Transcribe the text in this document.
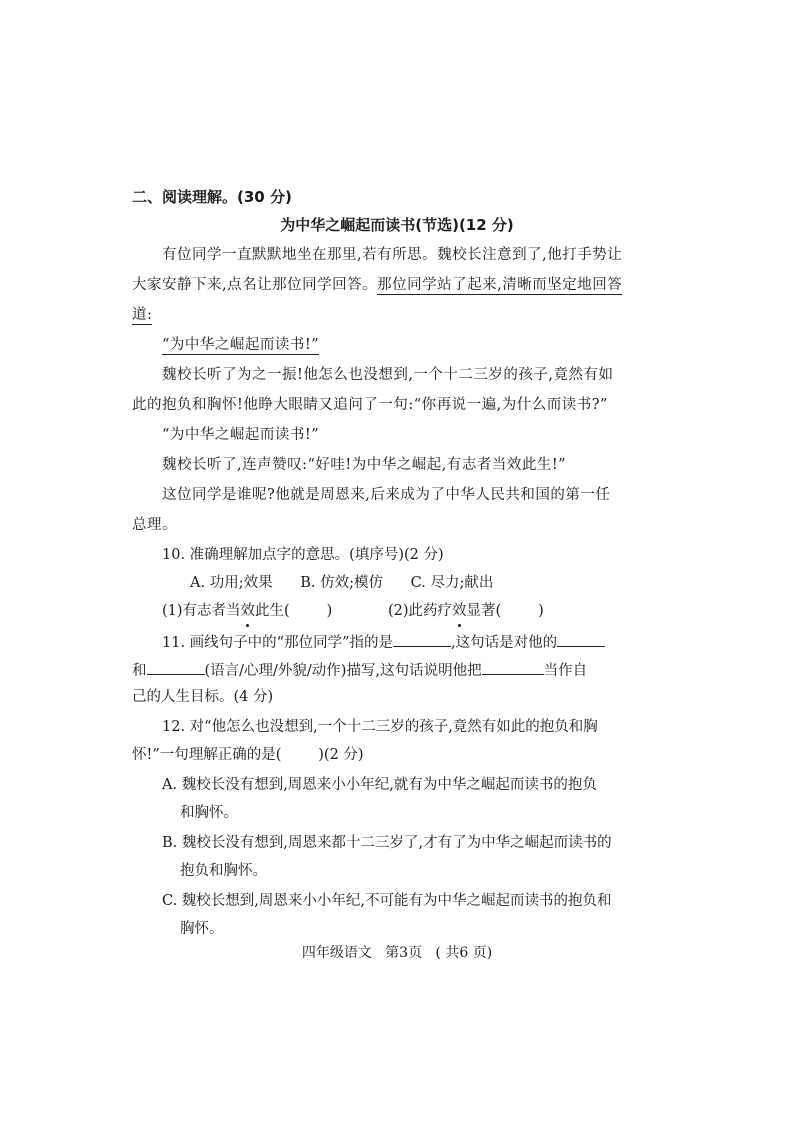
二、阅读理解。(30 分)
为中华之崛起而读书(节选)(12 分)
有位同学一直默默地坐在那里,若有所思。魏校长注意到了,他打手势让
大家安静下来,点名让那位同学回答。那位同学站了起来,清晰而坚定地回答
道:
“为中华之崛起而读书!”
魏校长听了为之一振!他怎么也没想到,一个十二三岁的孩子,竟然有如
此的抱负和胸怀!他睁大眼睛又追问了一句:“你再说一遍,为什么而读书?”
“为中华之崛起而读书!”
魏校长听了,连声赞叹:“好哇!为中华之崛起,有志者当效此生!”
这位同学是谁呢?他就是周恩来,后来成为了中华人民共和国的第一任
总理。
10. 准确理解加点字的意思。(填序号)(2 分)
A. 功用;效果      B. 仿效;模仿      C. 尽力;献出
(1)有志者当效此生(        )	(2)此药疗效显著(        )
11. 画线句子中的“那位同学”指的是	,这句话是对他的
和	(语言/心理/外貌/动作)描写,这句话说明他把	当作自
己的人生目标。(4 分)
12. 对“他怎么也没想到,一个十二三岁的孩子,竟然有如此的抱负和胸
怀!”一句理解正确的是(        )(2 分)
A. 魏校长没有想到,周恩来小小年纪,就有为中华之崛起而读书的抱负
和胸怀。
B. 魏校长没有想到,周恩来都十二三岁了,才有了为中华之崛起而读书的
抱负和胸怀。
C. 魏校长想到,周恩来小小年纪,不可能有为中华之崛起而读书的抱负和
胸怀。
四年级语文   第3页   ( 共6 页)
